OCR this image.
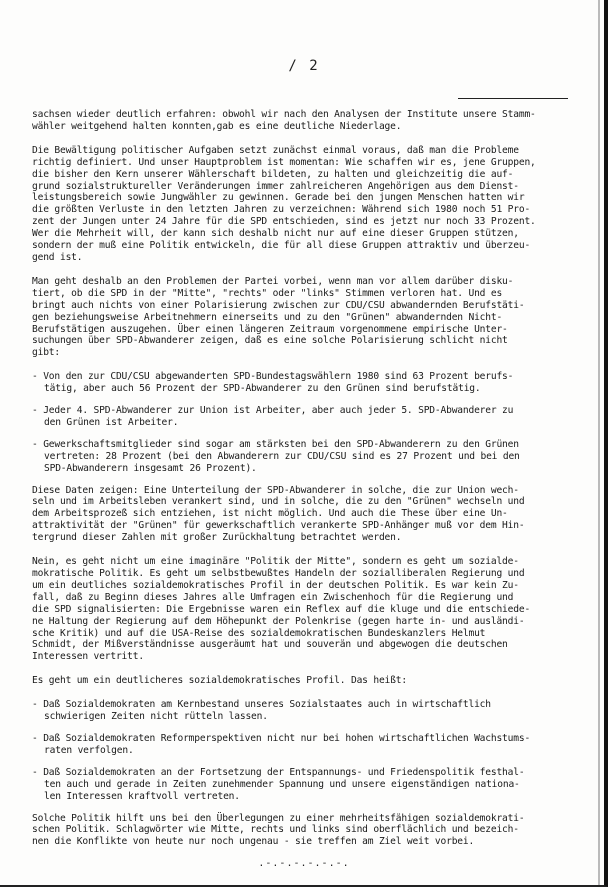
/ 2

sachsen wieder deutlich erfahren: obwohl wir nach den Analysen der Institute unsere Stamm-
wähler weitgehend halten konnten,gab es eine deutliche Niederlage.

Die Bewältigung politischer Aufgaben setzt zunächst einmal voraus, daß man die Probleme
richtig definiert. Und unser Hauptproblem ist momentan: Wie schaffen wir es, jene Gruppen,
die bisher den Kern unserer Wählerschaft bildeten, zu halten und gleichzeitig die auf-
grund sozialstruktureller Veränderungen immer zahlreicheren Angehörigen aus dem Dienst-
leistungsbereich sowie Jungwähler zu gewinnen. Gerade bei den jungen Menschen hatten wir
die größten Verluste in den letzten Jahren zu verzeichnen: Während sich 1980 noch 51 Pro-
zent der Jungen unter 24 Jahre für die SPD entschieden, sind es jetzt nur noch 33 Prozent.
Wer die Mehrheit will, der kann sich deshalb nicht nur auf eine dieser Gruppen stützen,
sondern der muß eine Politik entwickeln, die für all diese Gruppen attraktiv und überzeu-
gend ist.

Man geht deshalb an den Problemen der Partei vorbei, wenn man vor allem darüber disku-
tiert, ob die SPD in der "Mitte", "rechts" oder "links" Stimmen verloren hat. Und es
bringt auch nichts von einer Polarisierung zwischen zur CDU/CSU abwandernden Berufstäti-
gen beziehungsweise Arbeitnehmern einerseits und zu den "Grünen" abwandernden Nicht-
Berufstätigen auszugehen. Über einen längeren Zeitraum vorgenommene empirische Unter-
suchungen über SPD-Abwanderer zeigen, daß es eine solche Polarisierung schlicht nicht
gibt:

- Von den zur CDU/CSU abgewanderten SPD-Bundestagswählern 1980 sind 63 Prozent berufs-
tätig, aber auch 56 Prozent der SPD-Abwanderer zu den Grünen sind berufstätig.

- Jeder 4. SPD-Abwanderer zur Union ist Arbeiter, aber auch jeder 5. SPD-Abwanderer zu
den Grünen ist Arbeiter.

- Gewerkschaftsmitglieder sind sogar am stärksten bei den SPD-Abwanderern zu den Grünen
vertreten: 28 Prozent (bei den Abwanderern zur CDU/CSU sind es 27 Prozent und bei den
SPD-Abwanderern insgesamt 26 Prozent).

Diese Daten zeigen: Eine Unterteilung der SPD-Abwanderer in solche, die zur Union wech-
seln und im Arbeitsleben verankert sind, und in solche, die zu den "Grünen" wechseln und
dem Arbeitsprozeß sich entziehen, ist nicht möglich. Und auch die These über eine Un-
attraktivität der "Grünen" für gewerkschaftlich verankerte SPD-Anhänger muß vor dem Hin-
tergrund dieser Zahlen mit großer Zurückhaltung betrachtet werden.

Nein, es geht nicht um eine imaginäre "Politik der Mitte", sondern es geht um sozialde-
mokratische Politik. Es geht um selbstbewußtes Handeln der sozialliberalen Regierung und
um ein deutliches sozialdemokratisches Profil in der deutschen Politik. Es war kein Zu-
fall, daß zu Beginn dieses Jahres alle Umfragen ein Zwischenhoch für die Regierung und
die SPD signalisierten: Die Ergebnisse waren ein Reflex auf die kluge und die entschiede-
ne Haltung der Regierung auf dem Höhepunkt der Polenkrise (gegen harte in- und ausländi-
sche Kritik) und auf die USA-Reise des sozialdemokratischen Bundeskanzlers Helmut
Schmidt, der Mißverständnisse ausgeräumt hat und souverän und abgewogen die deutschen
Interessen vertritt.

Es geht um ein deutlicheres sozialdemokratisches Profil. Das heißt:

- Daß Sozialdemokraten am Kernbestand unseres Sozialstaates auch in wirtschaftlich
schwierigen Zeiten nicht rütteln lassen.

- Daß Sozialdemokraten Reformperspektiven nicht nur bei hohen wirtschaftlichen Wachstums-
raten verfolgen.

- Daß Sozialdemokraten an der Fortsetzung der Entspannungs- und Friedenspolitik festhal-
ten auch und gerade in Zeiten zunehmender Spannung und unsere eigenständigen nationa-
len Interessen kraftvoll vertreten.

Solche Politik hilft uns bei den Überlegungen zu einer mehrheitsfähigen sozialdemokrati-
schen Politik. Schlagwörter wie Mitte, rechts und links sind oberflächlich und bezeich-
nen die Konflikte von heute nur noch ungenau - sie treffen am Ziel weit vorbei.

.-.-.-.-.-.-.
